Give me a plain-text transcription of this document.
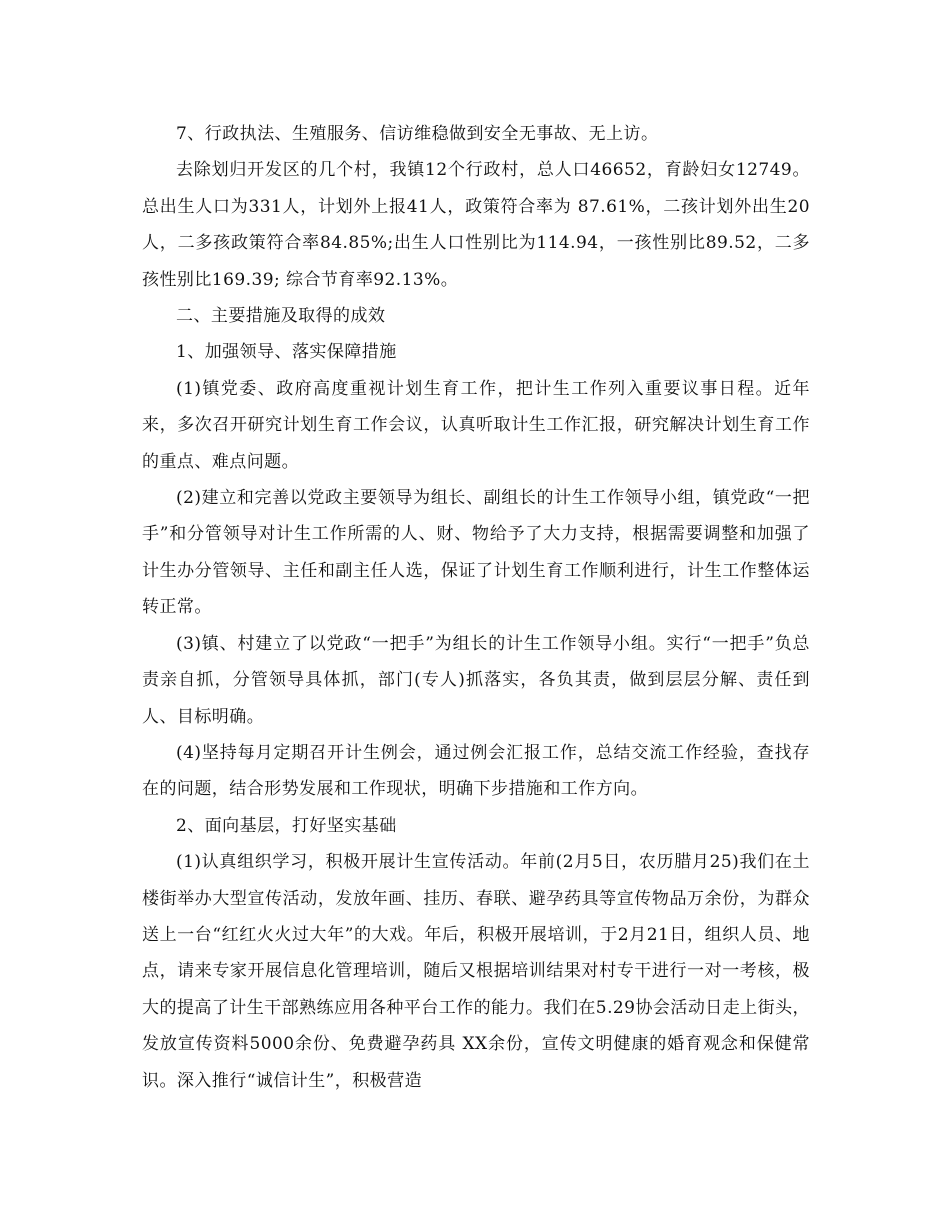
7、行政执法、生殖服务、信访维稳做到安全无事故、无上访。

去除划归开发区的几个村，我镇12个行政村，总人口46652，育龄妇女12749。总出生人口为331人，计划外上报41人，政策符合率为 87.61%，二孩计划外出生20人，二多孩政策符合率84.85%;出生人口性别比为114.94，一孩性别比89.52，二多孩性别比169.39; 综合节育率92.13%。

二、主要措施及取得的成效

1、加强领导、落实保障措施

(1)镇党委、政府高度重视计划生育工作，把计生工作列入重要议事日程。近年来，多次召开研究计划生育工作会议，认真听取计生工作汇报，研究解决计划生育工作的重点、难点问题。

(2)建立和完善以党政主要领导为组长、副组长的计生工作领导小组，镇党政“一把手”和分管领导对计生工作所需的人、财、物给予了大力支持，根据需要调整和加强了计生办分管领导、主任和副主任人选，保证了计划生育工作顺利进行，计生工作整体运转正常。

(3)镇、村建立了以党政“一把手”为组长的计生工作领导小组。实行“一把手”负总责亲自抓，分管领导具体抓，部门(专人)抓落实，各负其责，做到层层分解、责任到人、目标明确。

(4)坚持每月定期召开计生例会，通过例会汇报工作，总结交流工作经验，查找存在的问题，结合形势发展和工作现状，明确下步措施和工作方向。

2、面向基层，打好坚实基础

(1)认真组织学习，积极开展计生宣传活动。年前(2月5日，农历腊月25)我们在土楼街举办大型宣传活动，发放年画、挂历、春联、避孕药具等宣传物品万余份，为群众送上一台“红红火火过大年”的大戏。年后，积极开展培训，于2月21日，组织人员、地点，请来专家开展信息化管理培训，随后又根据培训结果对村专干进行一对一考核，极大的提高了计生干部熟练应用各种平台工作的能力。我们在5.29协会活动日走上街头，发放宣传资料5000余份、免费避孕药具 XX余份，宣传文明健康的婚育观念和保健常识。深入推行“诚信计生”，积极营造
